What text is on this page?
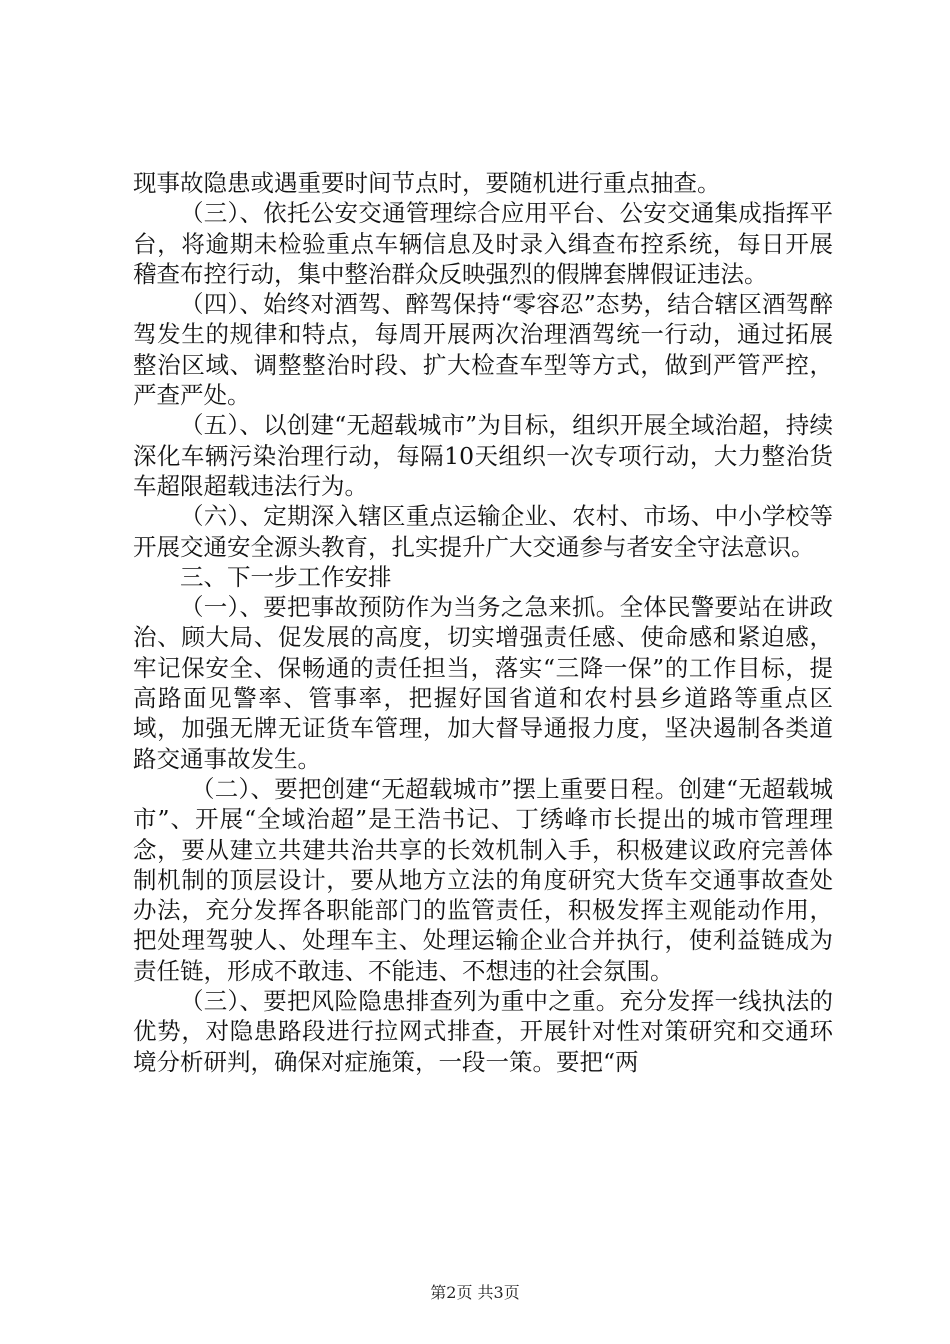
现事故隐患或遇重要时间节点时，要随机进行重点抽查。

（三）、依托公安交通管理综合应用平台、公安交通集成指挥平台，将逾期未检验重点车辆信息及时录入缉查布控系统，每日开展稽查布控行动，集中整治群众反映强烈的假牌套牌假证违法。

（四）、始终对酒驾、醉驾保持“零容忍”态势，结合辖区酒驾醉驾发生的规律和特点，每周开展两次治理酒驾统一行动，通过拓展整治区域、调整整治时段、扩大检查车型等方式，做到严管严控，严查严处。

（五）、以创建“无超载城市”为目标，组织开展全域治超，持续深化车辆污染治理行动，每隔10天组织一次专项行动，大力整治货车超限超载违法行为。

（六）、定期深入辖区重点运输企业、农村、市场、中小学校等开展交通安全源头教育，扎实提升广大交通参与者安全守法意识。

三、下一步工作安排

（一）、要把事故预防作为当务之急来抓。全体民警要站在讲政治、顾大局、促发展的高度，切实增强责任感、使命感和紧迫感，牢记保安全、保畅通的责任担当，落实“三降一保”的工作目标，提高路面见警率、管事率，把握好国省道和农村县乡道路等重点区域，加强无牌无证货车管理，加大督导通报力度，坚决遏制各类道路交通事故发生。

（二）、要把创建“无超载城市”摆上重要日程。创建“无超载城市”、开展“全域治超”是王浩书记、丁绣峰市长提出的城市管理理念，要从建立共建共治共享的长效机制入手，积极建议政府完善体制机制的顶层设计，要从地方立法的角度研究大货车交通事故查处办法，充分发挥各职能部门的监管责任，积极发挥主观能动作用，把处理驾驶人、处理车主、处理运输企业合并执行，使利益链成为责任链，形成不敢违、不能违、不想违的社会氛围。

（三）、要把风险隐患排查列为重中之重。充分发挥一线执法的优势，对隐患路段进行拉网式排查，开展针对性对策研究和交通环境分析研判，确保对症施策，一段一策。要把“两

第2页 共3页
